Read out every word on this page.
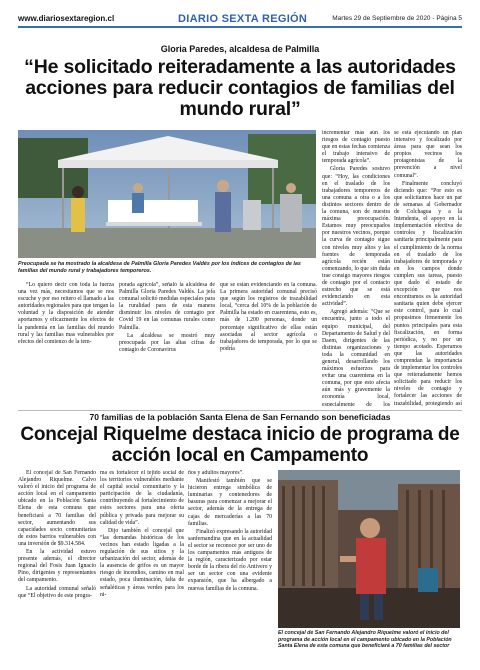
www.diariosextaregion.cl	DIARIO SEXTA REGIÓN	Martes 29 de Septiembre de 2020 - Página 5
Gloria Paredes, alcaldesa de Palmilla
“He solicitado reiteradamente a las autoridades acciones para reducir contagios de familias del mundo rural”
Preocupada se ha mostrado la alcaldesa de Palmilla Gloria Paredes Valdés por los índices de contagios de las familias del mundo rural y trabajadores temporeros.

incrementar más aún los riesgos de contagio puesto que en estas fechas comienza el trabajo intensivo de temporada agrícola”.

Gloria Paredes sostuvo que: “Hoy, las condiciones en el traslado de los trabajadores temporeros de una comuna a otra o a los distintos sectores dentro de la comuna, son de nuestra máxima preocupación. Estamos muy preocupados por nuestros vecinos, porque la curva de contagio sigue con niveles muy altos y las fuentes de temporada agrícola recién están comenzando, lo que sin duda trae consigo mayores riesgos de contagio por el contacto estrecho que se está evidenciando en esta actividad”.

Agregó además: “Que se encuentra, junto a todo el equipo municipal, del Departamento de Salud y del Daem, dirigentes de las distintas organizaciones y toda la comunidad en general, desarrollando los máximos esfuerzos para evitar una cuarentena en la comuna, por que esto afecta aún más y gravemente la economía local, especialmente de los

se está ejecutando un plan intensivo y focalizado por áreas para que sean los propios vecinos los protagonistas de la prevención a nivel comunal”.

Finalmente concluyó diciendo que: “Por esto es que solicitamos hace un par de semanas al Gobernador de Colchagua y a la Intendenta, el apoyo en la implementación efectiva de controles y fiscalización sanitaria principalmente para el cumplimiento de la norma en el traslado de los trabajadores de temporada y en los campos donde cumplen sus tareas, puesto que dado el estado de excepción que nos encontramos es la autoridad sanitaria quien debe ejercer este control, para lo cual propusimos firmemente los puntos principales para esta fiscalización, en forma periódica, y no por un tiempo acotado. Esperamos que las autoridades comprendan la importancia de implementar los controles que reiteradamente hemos solicitado para reducir los niveles de contagio y fortalecer las acciones de trazabilidad, protegiendo así

“Lo quiero decir con toda la fuerza una vez más, necesitamos que se nos escuche y por eso reitero el llamado a las autoridades regionales para que tengan la voluntad y la disposición de atender aportarnos y eficazmente los efectos de la pandemia en las familias del mundo rural y las familias mas vulnerables por efectos del comienzo de la tem-

porada agrícola”, señaló la alcaldesa de Palmilla Gloria Paredes Valdés. La jefa comunal solicitó medidas especiales para la ruralidad para de esta manera disminuir los niveles de contagio por Covid 19 en las comunas rurales como Palmilla.

La alcaldesa se mostró muy preocupada por las altas cifras de contagio de Coronavirus

que se están evidenciando en la comuna. La primera autoridad comunal precisó que según los registros de trazabilidad local, “cerca del 10% de la población de Palmilla ha estado en cuarentena, esto es, más de 1.200 personas, donde un porcentaje significativo de ellas están asociadas al sector agrícola o trabajadores de temporada, por lo que se podría

70 familias de la población Santa Elena de San Fernando son beneficiadas
Concejal Riquelme destaca inicio de programa de acción local en Campamento

El concejal de San Fernando Alejandro Riquelme. Calvo valoró el inicio del programa de acción local en el campamento ubicado en la Población Santa Elena de esta comuna que beneficiará a 70 familias del sector, aumentando sus capacidades socio comunitarias de estos barrios vulnerables con una inversión de $9.314.584.

En la actividad estuvo presente además, el director regional del Fosis Juan Ignacio Pino, dirigentes y representantes del campamento.

La autoridad comunal señaló que “El objetivo de este progra-

ma es fortalecer el tejido social de los territorios vulnerables mediante el capital social comunitario y la participación de la ciudadanía, contribuyendo al fortalecimiento de estos sectores para una oferta pública y privada para mejorar su calidad de vida”.

Dijo también el concejal que “las demandas históricas de los vecinos han estado ligadas a la regulación de sus sitios y la urbanización del sector, además de la ausencia de grifos es un mayor riesgo de incendios, camino en mal estado, poca iluminación, falta de señaléticas y áreas verdes para los ni-

ños y adultos mayores”.

Manifestó también que se hicieron entrega simbólica de luminarias y contenedores de basuras para comenzar a mejorar el sector, además de la entrega de cajas de mercaderías a las 70 familias.

Finalizó expresando la autoridad sanfernandina que en la actualidad el sector se reconoce por ser uno de los campamentos más antiguos de la región, caracterizado por estar borde de la ribera del río Antivero y ser un sector con una evidente expansión, que ha albergado a nuevas familias de la comuna.

El concejal de San Fernando Alejandro Riquelme valoró el inicio del programa de acción local en el campamento ubicado en la Población Santa Elena de esta comuna que beneficiará a 70 familias del sector
